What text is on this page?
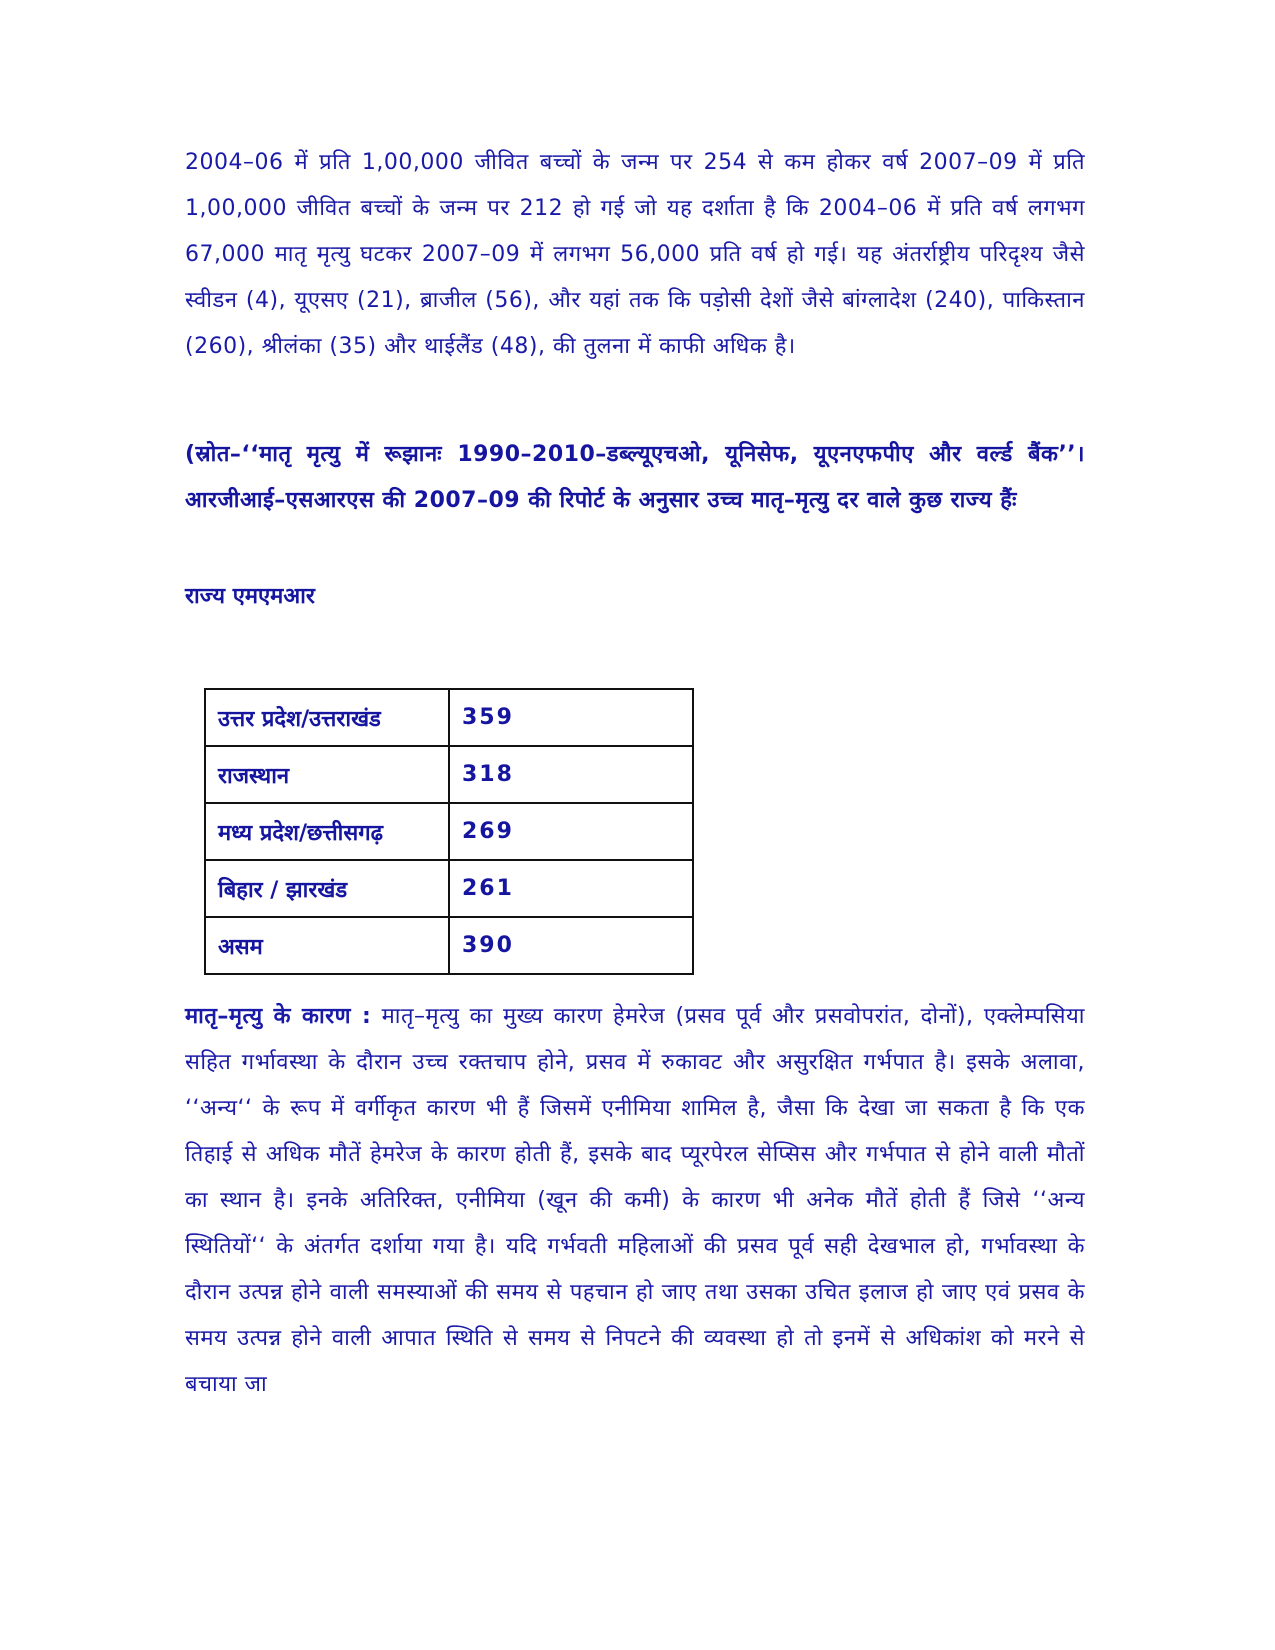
2004–06 में प्रति 1,00,000 जीवित बच्चों के जन्म पर 254 से कम होकर वर्ष 2007–09 में प्रति 1,00,000 जीवित बच्चों के जन्म पर 212 हो गई जो यह दर्शाता है कि 2004–06 में प्रति वर्ष लगभग 67,000 मातृ मृत्यु घटकर 2007–09 में लगभग 56,000 प्रति वर्ष हो गई। यह अंतर्राष्ट्रीय परिदृश्य जैसे स्वीडन (4), यूएसए (21), ब्राजील (56), और यहां तक कि पड़ोसी देशों जैसे बांग्लादेश (240), पाकिस्तान (260), श्रीलंका (35) और थाईलैंड (48), की तुलना में काफी अधिक है।

(स्रोत–‘‘मातृ मृत्यु में रूझानः 1990–2010–डब्ल्यूएचओ, यूनिसेफ, यूएनएफपीए और वर्ल्ड बैंक’’। आरजीआई–एसआरएस की 2007–09 की रिपोर्ट के अनुसार उच्च मातृ–मृत्यु दर वाले कुछ राज्य हैंः

राज्य एमएमआर

उत्तर प्रदेश/उत्तराखंड	359
राजस्थान	318
मध्य प्रदेश/छत्तीसगढ़	269
बिहार / झारखंड	261
असम	390

मातृ–मृत्यु के कारण : मातृ–मृत्यु का मुख्य कारण हेमरेज (प्रसव पूर्व और प्रसवोपरांत, दोनों), एक्लेम्पसिया सहित गर्भावस्था के दौरान उच्च रक्तचाप होने, प्रसव में रुकावट और असुरक्षित गर्भपात है। इसके अलावा, ‘‘अन्य‘‘ के रूप में वर्गीकृत कारण भी हैं जिसमें एनीमिया शामिल है, जैसा कि देखा जा सकता है कि एक तिहाई से अधिक मौतें हेमरेज के कारण होती हैं, इसके बाद प्यूरपेरल सेप्सिस और गर्भपात से होने वाली मौतों का स्थान है। इनके अतिरिक्त, एनीमिया (खून की कमी) के कारण भी अनेक मौतें होती हैं जिसे ‘‘अन्य स्थितियों‘‘ के अंतर्गत दर्शाया गया है। यदि गर्भवती महिलाओं की प्रसव पूर्व सही देखभाल हो, गर्भावस्था के दौरान उत्पन्न होने वाली समस्याओं की समय से पहचान हो जाए तथा उसका उचित इलाज हो जाए एवं प्रसव के समय उत्पन्न होने वाली आपात स्थिति से समय से निपटने की व्यवस्था हो तो इनमें से अधिकांश को मरने से बचाया जा
